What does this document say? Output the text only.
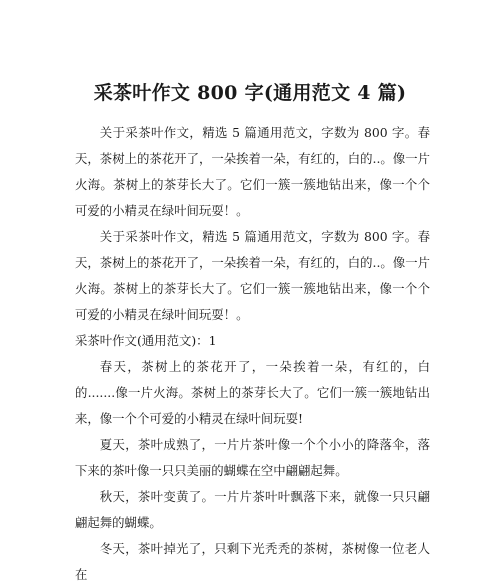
采茶叶作文 800 字(通用范文 4 篇)

关于采茶叶作文，精选 5 篇通用范文，字数为 800 字。春天，茶树上的茶花开了，一朵挨着一朵，有红的，白的..。像一片火海。茶树上的茶芽长大了。它们一簇一簇地钻出来，像一个个可爱的小精灵在绿叶间玩耍！。

关于采茶叶作文，精选 5 篇通用范文，字数为 800 字。春天，茶树上的茶花开了，一朵挨着一朵，有红的，白的..。像一片火海。茶树上的茶芽长大了。它们一簇一簇地钻出来，像一个个可爱的小精灵在绿叶间玩耍！。

采茶叶作文(通用范文)：1

春天，茶树上的茶花开了，一朵挨着一朵，有红的，白的.......像一片火海。茶树上的茶芽长大了。它们一簇一簇地钻出来，像一个个可爱的小精灵在绿叶间玩耍!

夏天，茶叶成熟了，一片片茶叶像一个个小小的降落伞，落下来的茶叶像一只只美丽的蝴蝶在空中翩翩起舞。

秋天，茶叶变黄了。一片片茶叶叶飘落下来，就像一只只翩翩起舞的蝴蝶。

冬天，茶叶掉光了，只剩下光秃秃的茶树，茶树像一位老人在
